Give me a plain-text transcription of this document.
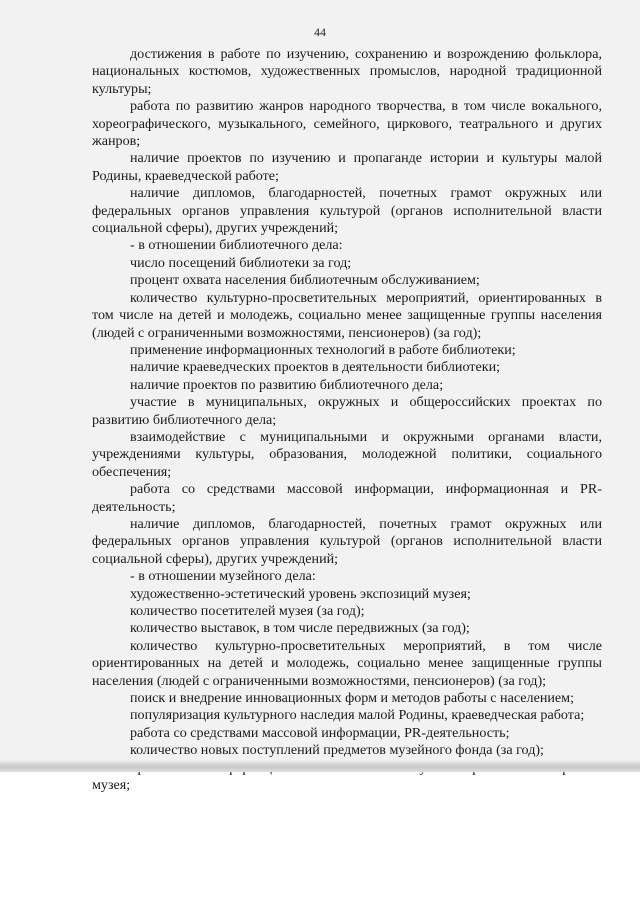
44

достижения в работе по изучению, сохранению и возрождению фольклора, национальных костюмов, художественных промыслов, народной традиционной культуры;

работа по развитию жанров народного творчества, в том числе вокального, хореографического, музыкального, семейного, циркового, театрального и других жанров;

наличие проектов по изучению и пропаганде истории и культуры малой Родины, краеведческой работе;

наличие дипломов, благодарностей, почетных грамот окружных или федеральных органов управления культурой (органов исполнительной власти социальной сферы), других учреждений;

- в отношении библиотечного дела:

число посещений библиотеки за год;

процент охвата населения библиотечным обслуживанием;

количество культурно-просветительных мероприятий, ориентированных в том числе на детей и молодежь, социально менее защищенные группы населения (людей с ограниченными возможностями, пенсионеров) (за год);

применение информационных технологий в работе библиотеки;

наличие краеведческих проектов в деятельности библиотеки;

наличие проектов по развитию библиотечного дела;

участие в муниципальных, окружных и общероссийских проектах по развитию библиотечного дела;

взаимодействие с муниципальными и окружными органами власти, учреждениями культуры, образования, молодежной политики, социального обеспечения;

работа со средствами массовой информации, информационная и PR-деятельность;

наличие дипломов, благодарностей, почетных грамот окружных или федеральных органов управления культурой (органов исполнительной власти социальной сферы), других учреждений;

- в отношении музейного дела:

художественно-эстетический уровень экспозиций музея;

количество посетителей музея (за год);

количество выставок, в том числе передвижных (за год);

количество культурно-просветительных мероприятий, в том числе ориентированных на детей и молодежь, социально менее защищенные группы населения (людей с ограниченными возможностями, пенсионеров) (за год);

поиск и внедрение инновационных форм и методов работы с населением;

популяризация культурного наследия малой Родины, краеведческая работа;

работа со средствами массовой информации, PR-деятельность;

количество новых поступлений предметов музейного фонда (за год);

музея;
